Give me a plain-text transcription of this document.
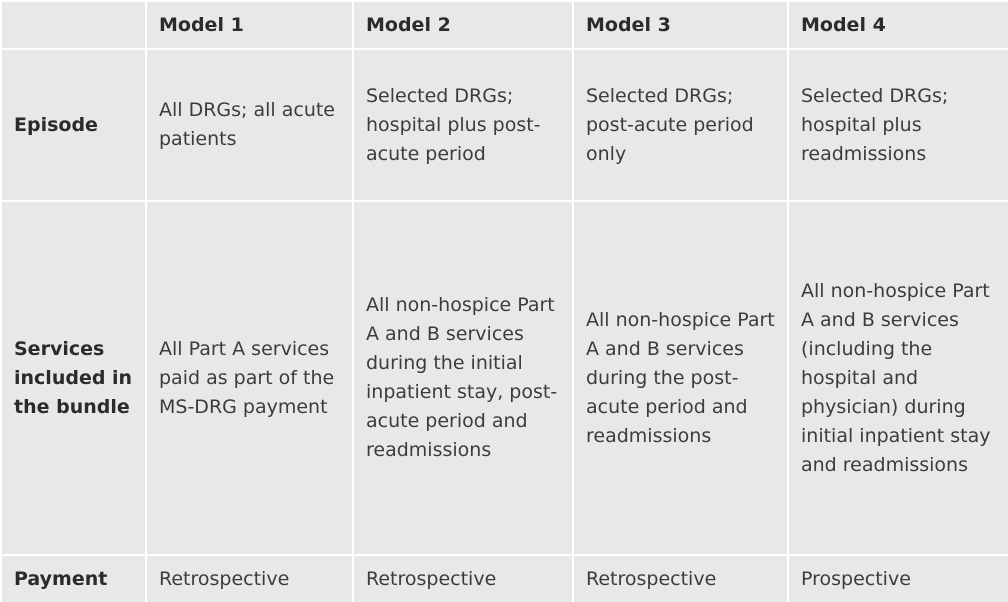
	Model 1	Model 2	Model 3	Model 4
Episode	All DRGs; all acute patients	Selected DRGs; hospital plus post-acute period	Selected DRGs; post-acute period only	Selected DRGs; hospital plus readmissions
Services included in the bundle	All Part A services paid as part of the MS-DRG payment	All non-hospice Part A and B services during the initial inpatient stay, post-acute period and readmissions	All non-hospice Part A and B services during the post-acute period and readmissions	All non-hospice Part A and B services (including the hospital and physician) during initial inpatient stay and readmissions
Payment	Retrospective	Retrospective	Retrospective	Prospective
